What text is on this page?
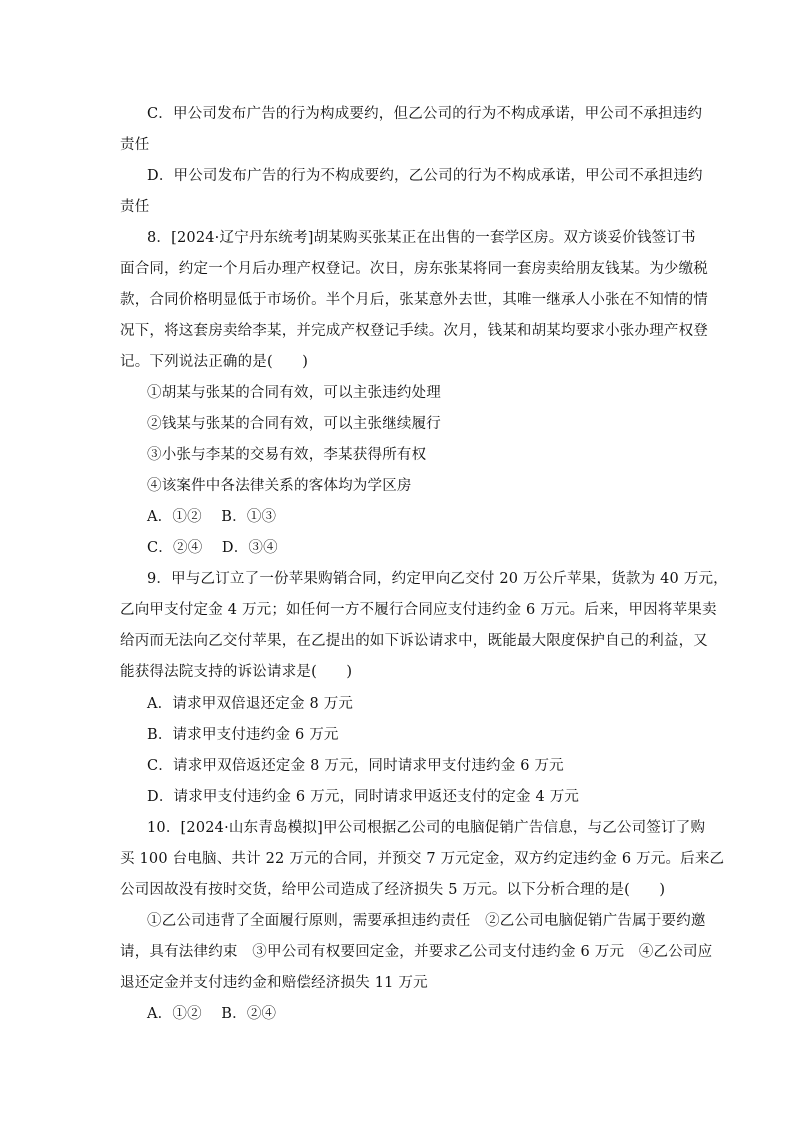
C．甲公司发布广告的行为构成要约，但乙公司的行为不构成承诺，甲公司不承担违约
责任
D．甲公司发布广告的行为不构成要约，乙公司的行为不构成承诺，甲公司不承担违约
责任
8．[2024·辽宁丹东统考]胡某购买张某正在出售的一套学区房。双方谈妥价钱签订书
面合同，约定一个月后办理产权登记。次日，房东张某将同一套房卖给朋友钱某。为少缴税
款，合同价格明显低于市场价。半个月后，张某意外去世，其唯一继承人小张在不知情的情
况下，将这套房卖给李某，并完成产权登记手续。次月，钱某和胡某均要求小张办理产权登
记。下列说法正确的是(　　)
①胡某与张某的合同有效，可以主张违约处理
②钱某与张某的合同有效，可以主张继续履行
③小张与李某的交易有效，李某获得所有权
④该案件中各法律关系的客体均为学区房
A．①②　 B．①③
C．②④　 D．③④
9．甲与乙订立了一份苹果购销合同，约定甲向乙交付 20 万公斤苹果，货款为 40 万元，
乙向甲支付定金 4 万元；如任何一方不履行合同应支付违约金 6 万元。后来，甲因将苹果卖
给丙而无法向乙交付苹果，在乙提出的如下诉讼请求中，既能最大限度保护自己的利益，又
能获得法院支持的诉讼请求是(　　)
A．请求甲双倍退还定金 8 万元
B．请求甲支付违约金 6 万元
C．请求甲双倍返还定金 8 万元，同时请求甲支付违约金 6 万元
D．请求甲支付违约金 6 万元，同时请求甲返还支付的定金 4 万元
10．[2024·山东青岛模拟]甲公司根据乙公司的电脑促销广告信息，与乙公司签订了购
买 100 台电脑、共计 22 万元的合同，并预交 7 万元定金，双方约定违约金 6 万元。后来乙
公司因故没有按时交货，给甲公司造成了经济损失 5 万元。以下分析合理的是(　　)
①乙公司违背了全面履行原则，需要承担违约责任　②乙公司电脑促销广告属于要约邀
请，具有法律约束　③甲公司有权要回定金，并要求乙公司支付违约金 6 万元　④乙公司应
退还定金并支付违约金和赔偿经济损失 11 万元
A．①②　 B．②④
